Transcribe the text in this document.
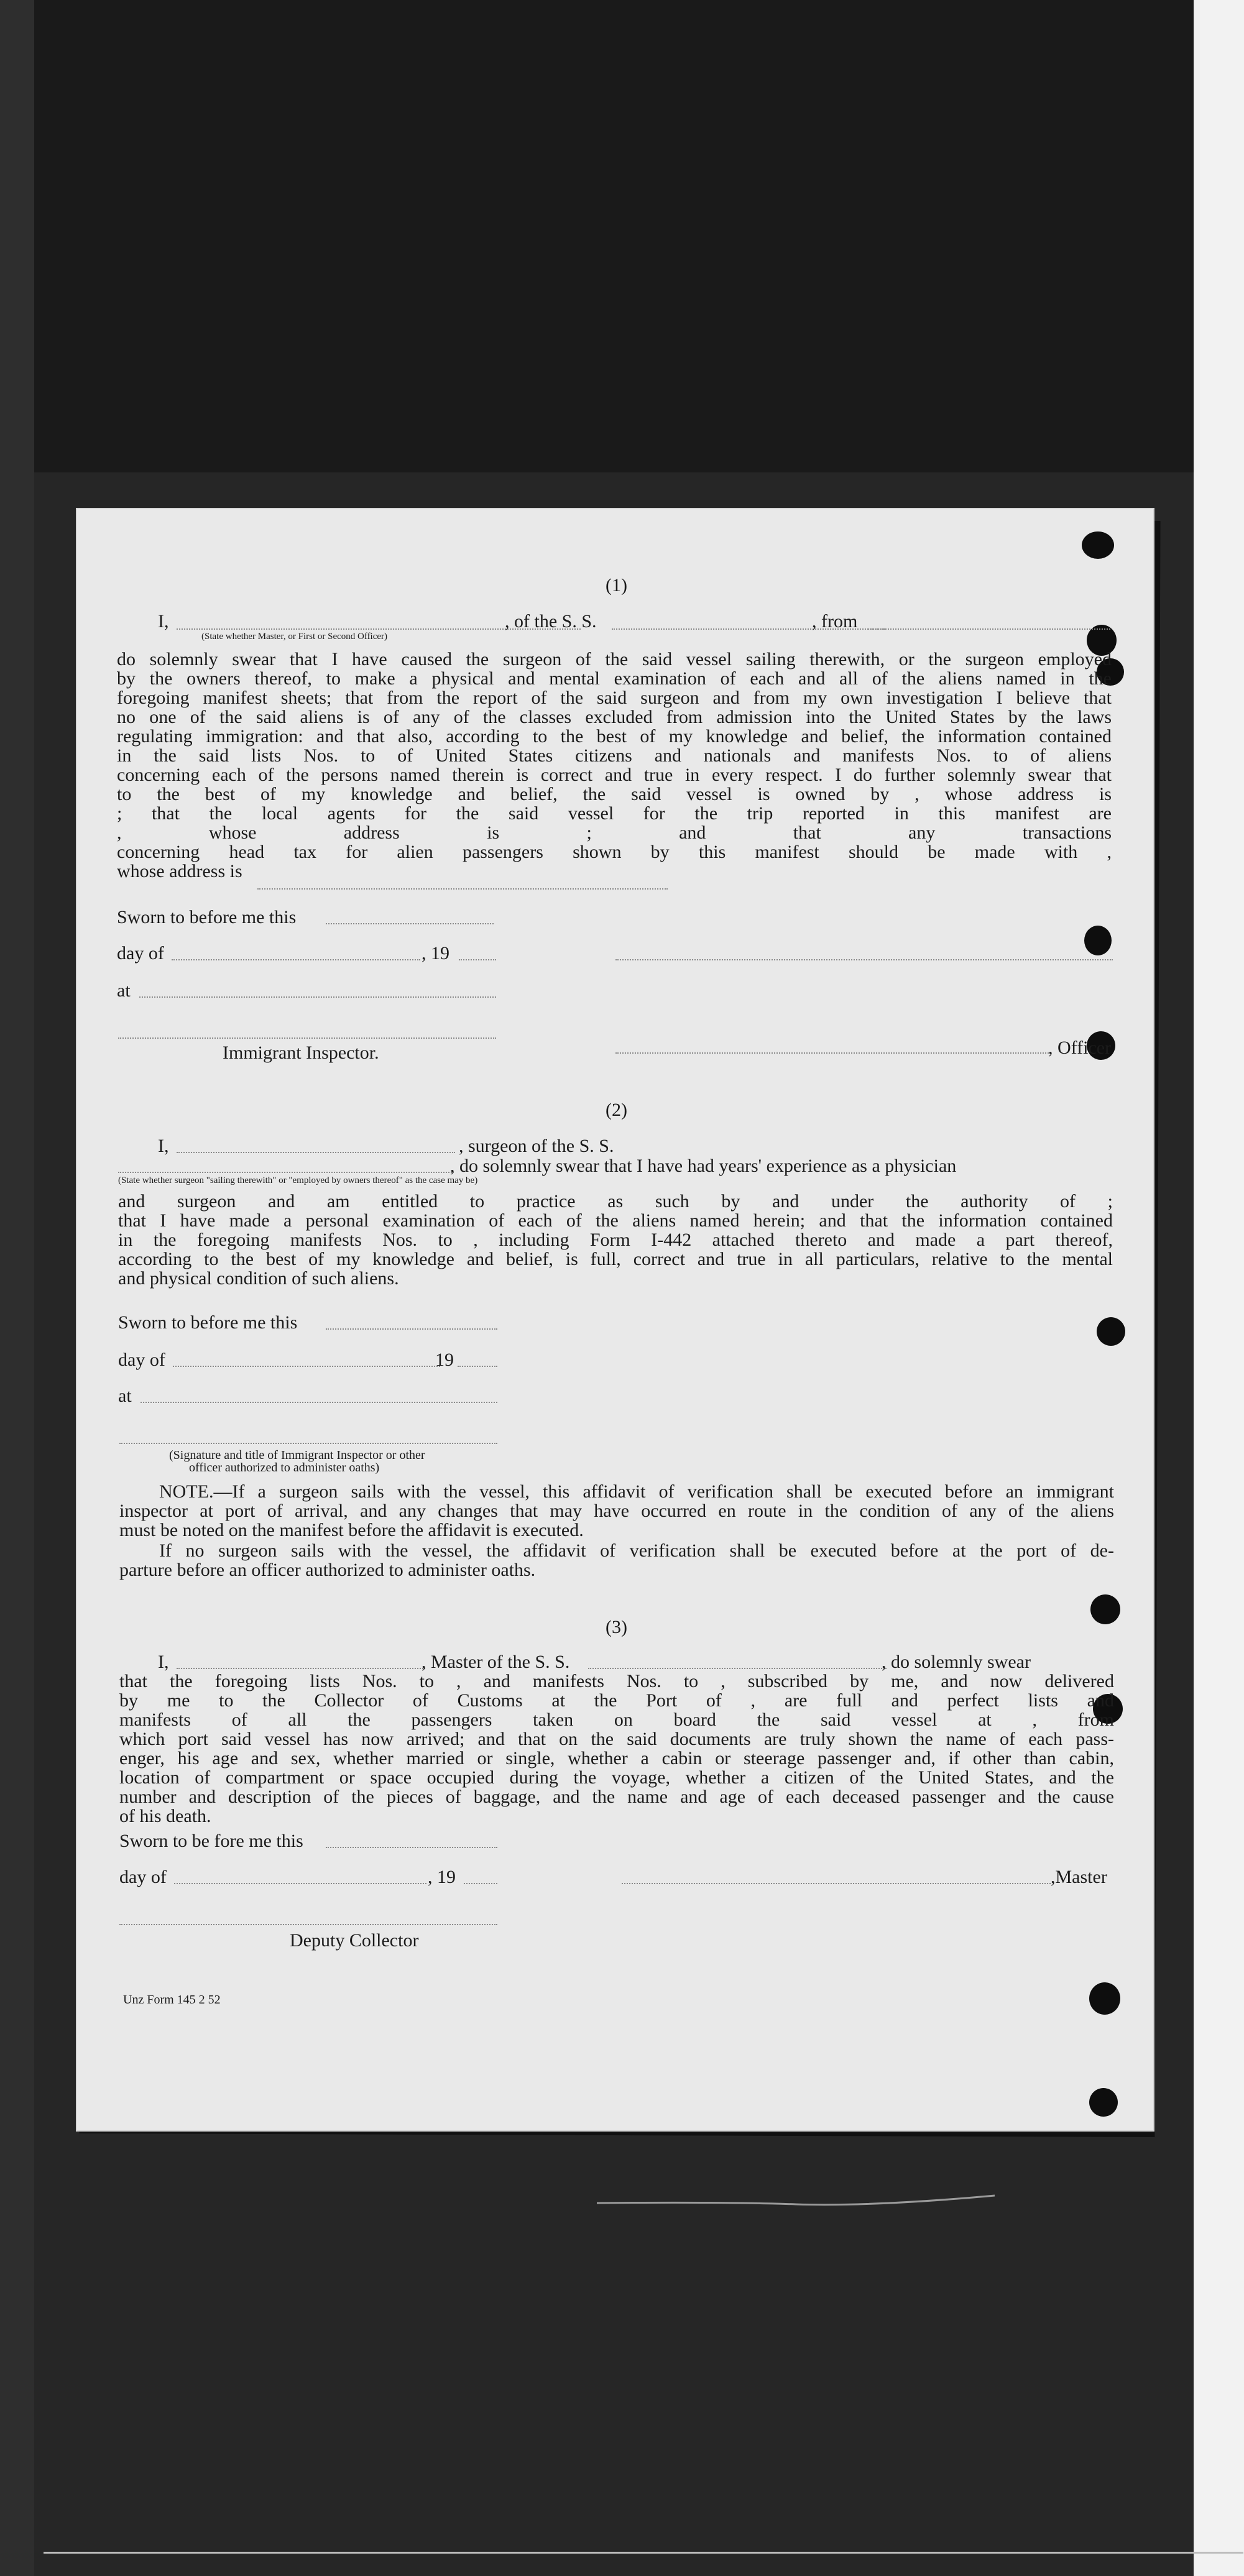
(1)
I,	, of the S. S.	, from
(State whether Master, or First or Second Officer)
do solemnly swear that I have caused the surgeon of the said vessel sailing therewith, or the surgeon employed
by the owners thereof, to make a physical and mental examination of each and all of the aliens named in the
foregoing manifest sheets; that from the report of the said surgeon and from my own investigation I believe that
no one of the said aliens is of any of the classes excluded from admission into the United States by the laws
regulating immigration: and that also, according to the best of my knowledge and belief, the information contained
in the said lists Nos. to of United States citizens and nationals and manifests Nos. to of aliens
concerning each of the persons named therein is correct and true in every respect. I do further solemnly swear that
to the best of my knowledge and belief, the said vessel is owned by , whose address is
; that the local agents for the said vessel for the trip reported in this manifest are
, whose address is ; and that any transactions
concerning head tax for alien passengers shown by this manifest should be made with ,
whose address is
Sworn to before me this
day of	, 19
at
Immigrant Inspector.	, Officer
(2)
I,	, surgeon of the S. S.
, do solemnly swear that I have had years' experience as a physician
(State whether surgeon "sailing therewith" or "employed by owners thereof" as the case may be)
and surgeon and am entitled to practice as such by and under the authority of ;
that I have made a personal examination of each of the aliens named herein; and that the information contained
in the foregoing manifests Nos. to , including Form I-442 attached thereto and made a part thereof,
according to the best of my knowledge and belief, is full, correct and true in all particulars, relative to the mental
and physical condition of such aliens.
Sworn to before me this
day of	19
at
(Signature and title of Immigrant Inspector or other
officer authorized to administer oaths)
NOTE.—If a surgeon sails with the vessel, this affidavit of verification shall be executed before an immigrant
inspector at port of arrival, and any changes that may have occurred en route in the condition of any of the aliens
must be noted on the manifest before the affidavit is executed.
If no surgeon sails with the vessel, the affidavit of verification shall be executed before at the port of de-
parture before an officer authorized to administer oaths.
(3)
I,	, Master of the S. S.	, do solemnly swear
that the foregoing lists Nos. to , and manifests Nos. to , subscribed by me, and now delivered
by me to the Collector of Customs at the Port of , are full and perfect lists and
manifests of all the passengers taken on board the said vessel at , from
which port said vessel has now arrived; and that on the said documents are truly shown the name of each pass-
enger, his age and sex, whether married or single, whether a cabin or steerage passenger and, if other than cabin,
location of compartment or space occupied during the voyage, whether a citizen of the United States, and the
number and description of the pieces of baggage, and the name and age of each deceased passenger and the cause
of his death.
Sworn to be fore me this
day of	, 19	,Master
Deputy Collector
Unz Form 145 2 52
